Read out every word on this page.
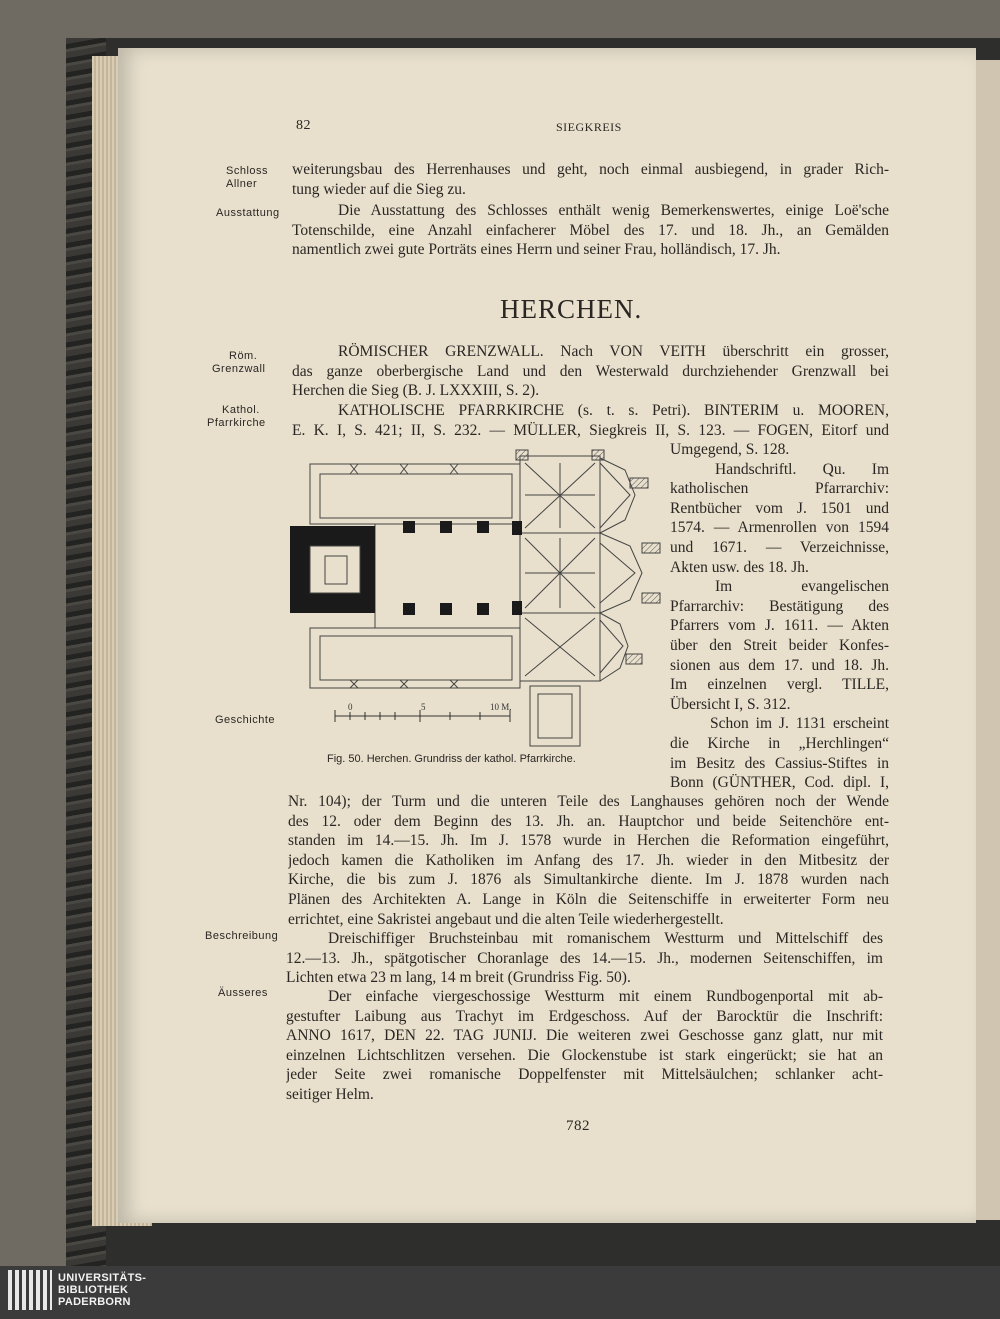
82	SIEGKREIS
Schloss
Allner
Ausstattung
Röm.
Grenzwall
Kathol.
Pfarrkirche
Geschichte
Beschreibung
Äusseres
weiterungsbau des Herrenhauses und geht, noch einmal ausbiegend, in grader Rich-
tung wieder auf die Sieg zu.
Die Ausstattung des Schlosses enthält wenig Bemerkenswertes, einige Loë'sche
Totenschilde, eine Anzahl einfacherer Möbel des 17. und 18. Jh., an Gemälden
namentlich zwei gute Porträts eines Herrn und seiner Frau, holländisch, 17. Jh.
HERCHEN.
RÖMISCHER GRENZWALL. Nach VON VEITH überschritt ein grosser,
das ganze oberbergische Land und den Westerwald durchziehender Grenzwall bei
Herchen die Sieg (B. J. LXXXIII, S. 2).
KATHOLISCHE PFARRKIRCHE (s. t. s. Petri). BINTERIM u. MOOREN,
E. K. I, S. 421; II, S. 232. — MÜLLER, Siegkreis II, S. 123. — FOGEN, Eitorf und
Umgegend, S. 128.
Handschriftl. Qu. Im
katholischen Pfarrarchiv:
Rentbücher vom J. 1501 und
1574. — Armenrollen von 1594
und 1671. — Verzeichnisse,
Akten usw. des 18. Jh.
Im evangelischen
Pfarrarchiv: Bestätigung des
Pfarrers vom J. 1611. — Akten
über den Streit beider Konfes-
sionen aus dem 17. und 18. Jh.
Im einzelnen vergl. TILLE,
Übersicht I, S. 312.
Schon im J. 1131 erscheint
die Kirche in „Herchlingen“
im Besitz des Cassius-Stiftes in
Bonn (GÜNTHER, Cod. dipl. I,
0	5	10 M.
Fig. 50. Herchen. Grundriss der kathol. Pfarrkirche.
Nr. 104); der Turm und die unteren Teile des Langhauses gehören noch der Wende
des 12. oder dem Beginn des 13. Jh. an. Hauptchor und beide Seitenchöre ent-
standen im 14.—15. Jh. Im J. 1578 wurde in Herchen die Reformation eingeführt,
jedoch kamen die Katholiken im Anfang des 17. Jh. wieder in den Mitbesitz der
Kirche, die bis zum J. 1876 als Simultankirche diente. Im J. 1878 wurden nach
Plänen des Architekten A. Lange in Köln die Seitenschiffe in erweiterter Form neu
errichtet, eine Sakristei angebaut und die alten Teile wiederhergestellt.
Dreischiffiger Bruchsteinbau mit romanischem Westturm und Mittelschiff des
12.—13. Jh., spätgotischer Choranlage des 14.—15. Jh., modernen Seitenschiffen, im
Lichten etwa 23 m lang, 14 m breit (Grundriss Fig. 50).
Der einfache viergeschossige Westturm mit einem Rundbogenportal mit ab-
gestufter Laibung aus Trachyt im Erdgeschoss. Auf der Barocktür die Inschrift:
ANNO 1617, DEN 22. TAG JUNIJ. Die weiteren zwei Geschosse ganz glatt, nur mit
einzelnen Lichtschlitzen versehen. Die Glockenstube ist stark eingerückt; sie hat an
jeder Seite zwei romanische Doppelfenster mit Mittelsäulchen; schlanker acht-
seitiger Helm.
782
UNIVERSITÄTS-
BIBLIOTHEK
PADERBORN
